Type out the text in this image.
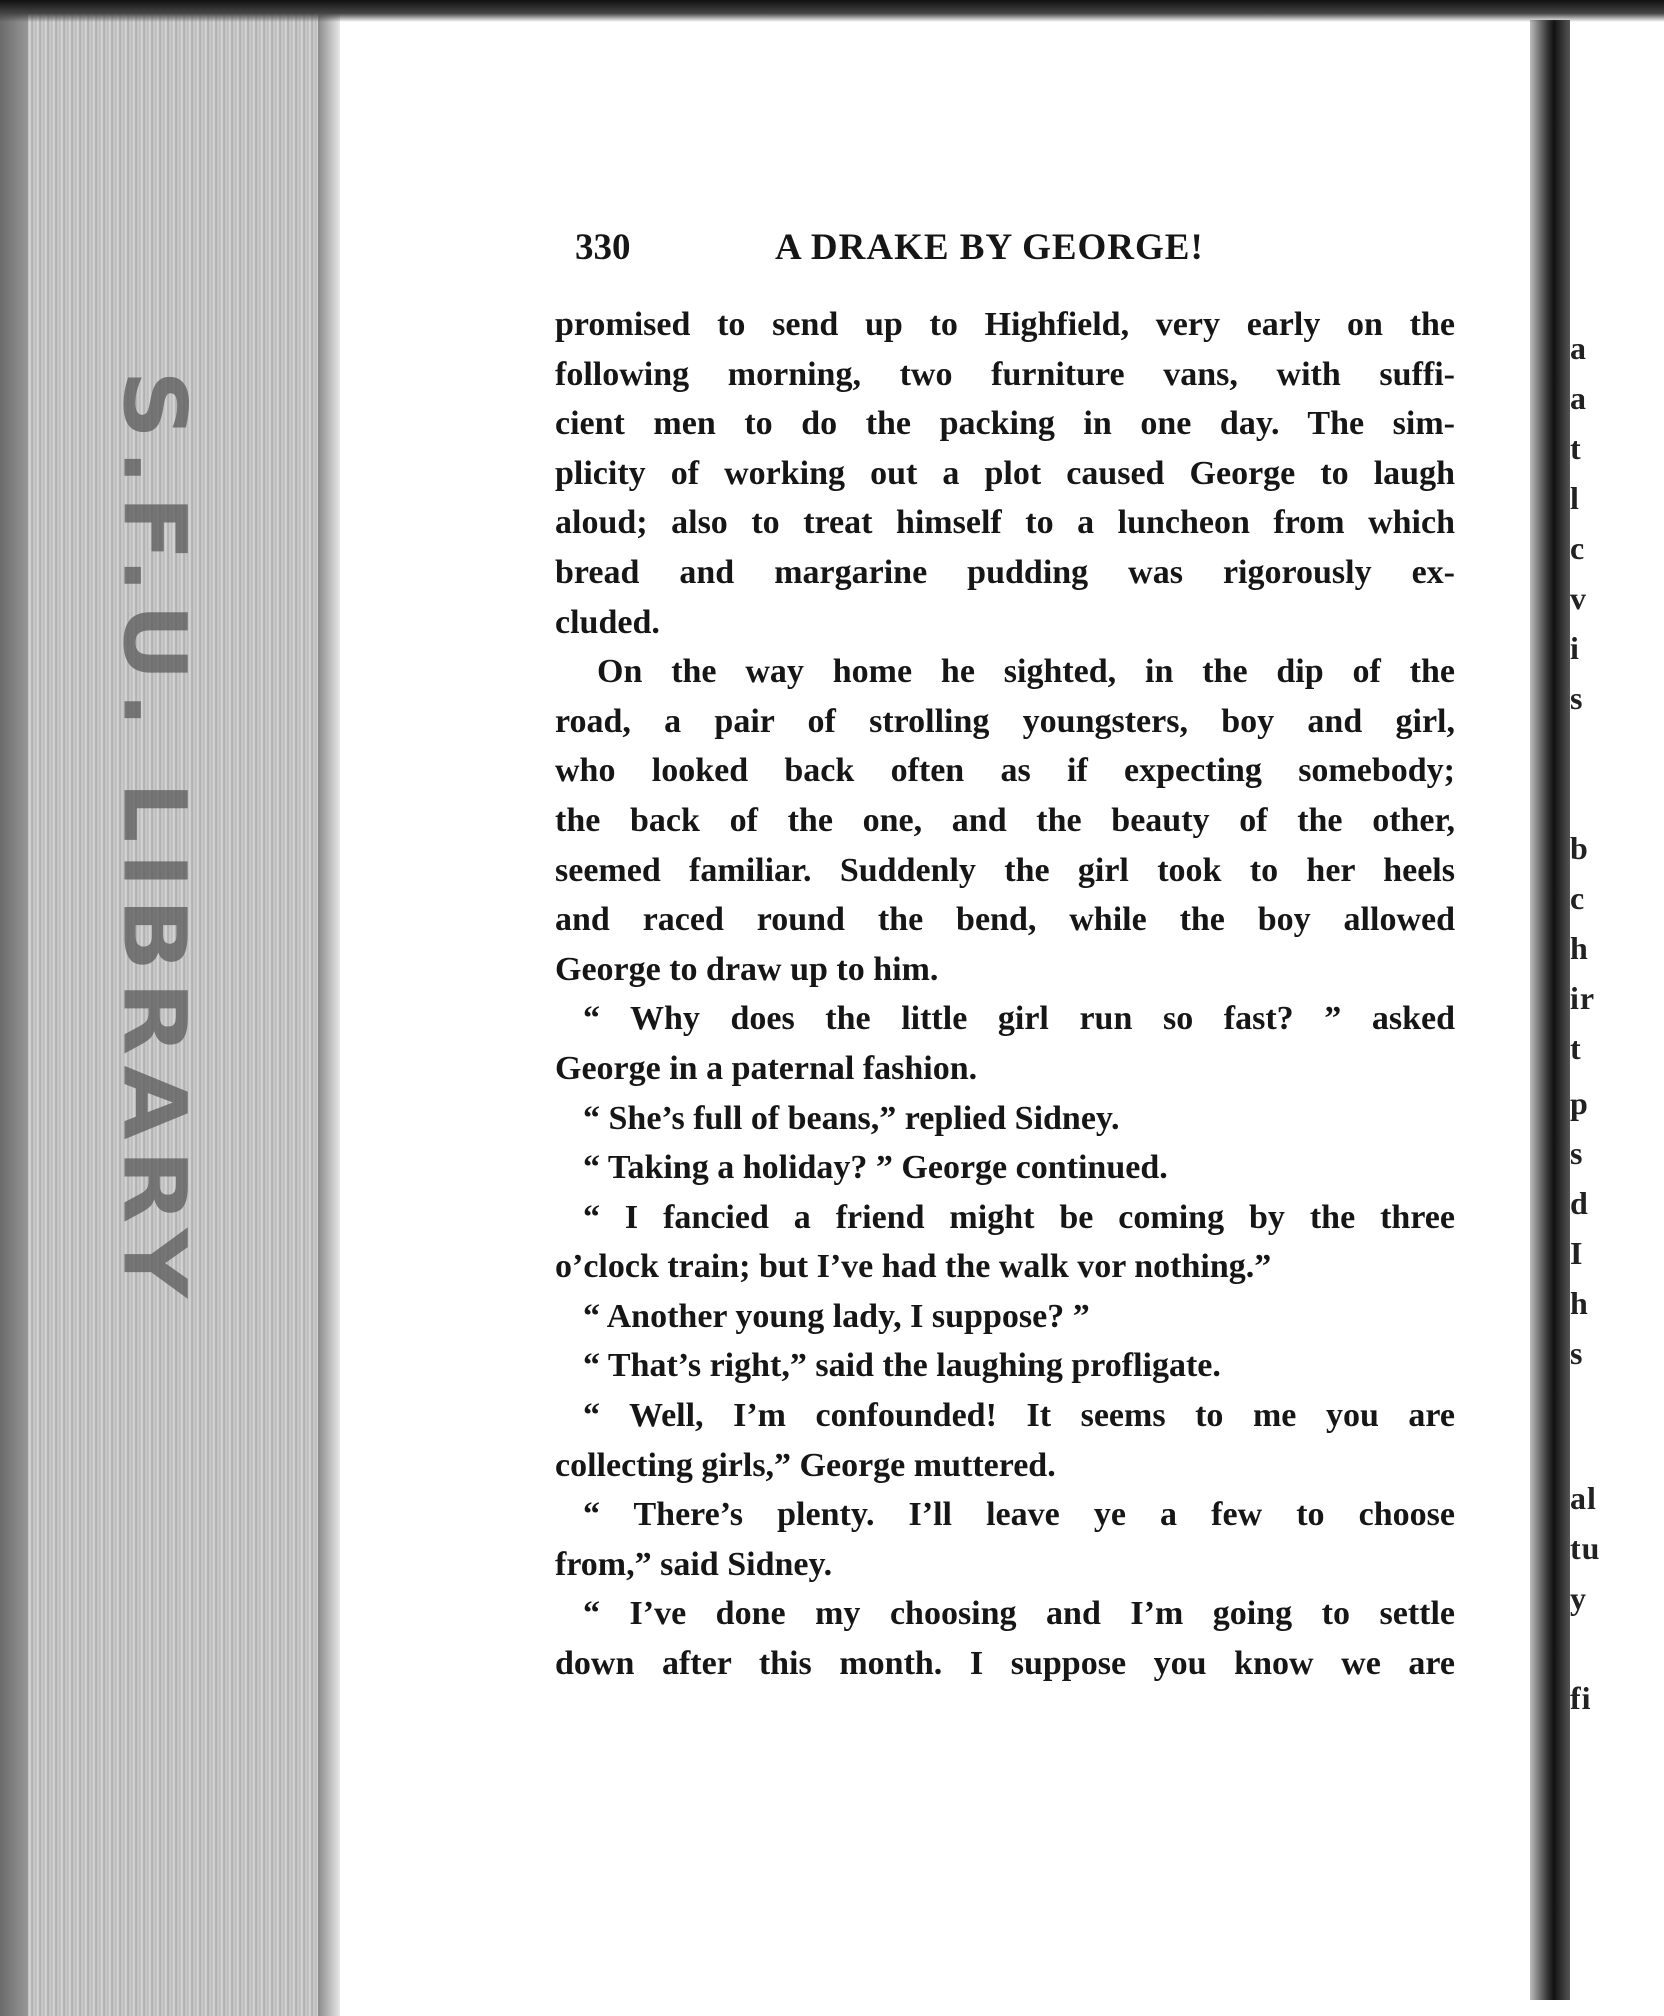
S.F.U. LIBRARY
330	A DRAKE BY GEORGE!
promised to send up to Highfield, very early on the
following morning, two furniture vans, with suffi-
cient men to do the packing in one day. The sim-
plicity of working out a plot caused George to laugh
aloud; also to treat himself to a luncheon from which
bread and margarine pudding was rigorously ex-
cluded.
On the way home he sighted, in the dip of the
road, a pair of strolling youngsters, boy and girl,
who looked back often as if expecting somebody;
the back of the one, and the beauty of the other,
seemed familiar. Suddenly the girl took to her heels
and raced round the bend, while the boy allowed
George to draw up to him.
“ Why does the little girl run so fast? ” asked
George in a paternal fashion.
“ She’s full of beans,” replied Sidney.
“ Taking a holiday? ” George continued.
“ I fancied a friend might be coming by the three
o’clock train; but I’ve had the walk vor nothing.”
“ Another young lady, I suppose? ”
“ That’s right,” said the laughing profligate.
“ Well, I’m confounded! It seems to me you are
collecting girls,” George muttered.
“ There’s plenty. I’ll leave ye a few to choose
from,” said Sidney.
“ I’ve done my choosing and I’m going to settle
down after this month. I suppose you know we are
a
a
t
l
c
v
i
s
b
c
h
ir
t
p
s
d
I
h
s
al
tu
y
fi
